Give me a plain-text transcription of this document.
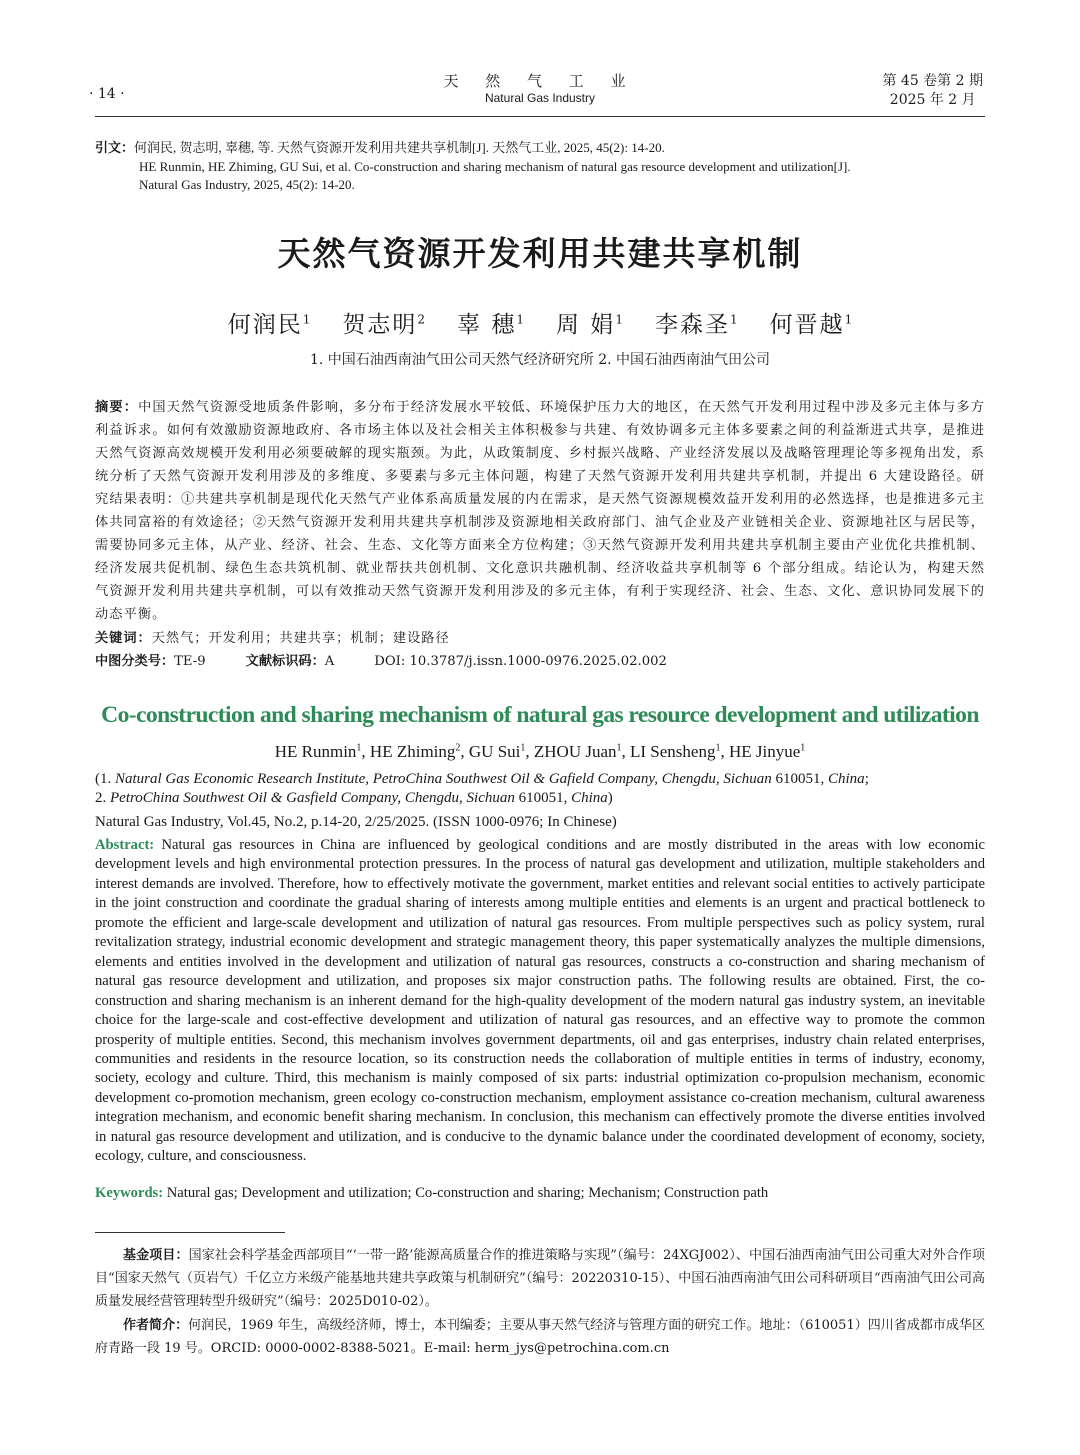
· 14 ·
天 然 气 工 业
Natural Gas Industry
第 45 卷第 2 期
2025 年 2 月
引文：何润民, 贺志明, 辜穗, 等. 天然气资源开发利用共建共享机制[J]. 天然气工业, 2025, 45(2): 14-20.
HE Runmin, HE Zhiming, GU Sui, et al. Co-construction and sharing mechanism of natural gas resource development and utilization[J].
Natural Gas Industry, 2025, 45(2): 14-20.
天然气资源开发利用共建共享机制
何润民$^1$ 贺志明$^2$ 辜 穗$^1$ 周 娟$^1$ 李森圣$^1$ 何晋越$^1$
1. 中国石油西南油气田公司天然气经济研究所 2. 中国石油西南油气田公司
摘要：中国天然气资源受地质条件影响，多分布于经济发展水平较低、环境保护压力大的地区，在天然气开发利用过程中涉及多元主体与多方利益诉求。如何有效激励资源地政府、各市场主体以及社会相关主体积极参与共建、有效协调多元主体多要素之间的利益渐进式共享，是推进天然气资源高效规模开发利用必须要破解的现实瓶颈。为此，从政策制度、乡村振兴战略、产业经济发展以及战略管理理论等多视角出发，系统分析了天然气资源开发利用涉及的多维度、多要素与多元主体问题，构建了天然气资源开发利用共建共享机制，并提出 6 大建设路径。研究结果表明：①共建共享机制是现代化天然气产业体系高质量发展的内在需求，是天然气资源规模效益开发利用的必然选择，也是推进多元主体共同富裕的有效途径；②天然气资源开发利用共建共享机制涉及资源地相关政府部门、油气企业及产业链相关企业、资源地社区与居民等，需要协同多元主体，从产业、经济、社会、生态、文化等方面来全方位构建；③天然气资源开发利用共建共享机制主要由产业优化共推机制、经济发展共促机制、绿色生态共筑机制、就业帮扶共创机制、文化意识共融机制、经济收益共享机制等 6 个部分组成。结论认为，构建天然气资源开发利用共建共享机制，可以有效推动天然气资源开发利用涉及的多元主体，有利于实现经济、社会、生态、文化、意识协同发展下的动态平衡。
关键词：天然气；开发利用；共建共享；机制；建设路径
中图分类号：TE-9	文献标识码：A	DOI: 10.3787/j.issn.1000-0976.2025.02.002
Co-construction and sharing mechanism of natural gas resource development and utilization
HE Runmin$^1$, HE Zhiming$^2$, GU Sui$^1$, ZHOU Juan$^1$, LI Sensheng$^1$, HE Jinyue$^1$
(1. Natural Gas Economic Research Institute, PetroChina Southwest Oil & Gafield Company, Chengdu, Sichuan 610051, China;
2. PetroChina Southwest Oil & Gasfield Company, Chengdu, Sichuan 610051, China)
Natural Gas Industry, Vol.45, No.2, p.14-20, 2/25/2025. (ISSN 1000-0976; In Chinese)
Abstract: Natural gas resources in China are influenced by geological conditions and are mostly distributed in the areas with low economic development levels and high environmental protection pressures. In the process of natural gas development and utilization, multiple stakeholders and interest demands are involved. Therefore, how to effectively motivate the government, market entities and relevant social entities to actively participate in the joint construction and coordinate the gradual sharing of interests among multiple entities and elements is an urgent and practical bottleneck to promote the efficient and large-scale development and utilization of natural gas resources. From multiple perspectives such as policy system, rural revitalization strategy, industrial economic development and strategic management theory, this paper systematically analyzes the multiple dimensions, elements and entities involved in the development and utilization of natural gas resources, constructs a co-construction and sharing mechanism of natural gas resource development and utilization, and proposes six major construction paths. The following results are obtained. First, the co-construction and sharing mechanism is an inherent demand for the high-quality development of the modern natural gas industry system, an inevitable choice for the large-scale and cost-effective development and utilization of natural gas resources, and an effective way to promote the common prosperity of multiple entities. Second, this mechanism involves government departments, oil and gas enterprises, industry chain related enterprises, communities and residents in the resource location, so its construction needs the collaboration of multiple entities in terms of industry, economy, society, ecology and culture. Third, this mechanism is mainly composed of six parts: industrial optimization co-propulsion mechanism, economic development co-promotion mechanism, green ecology co-construction mechanism, employment assistance co-creation mechanism, cultural awareness integration mechanism, and economic benefit sharing mechanism. In conclusion, this mechanism can effectively promote the diverse entities involved in natural gas resource development and utilization, and is conducive to the dynamic balance under the coordinated development of economy, society, ecology, culture, and consciousness.
Keywords: Natural gas; Development and utilization; Co-construction and sharing; Mechanism; Construction path
基金项目：国家社会科学基金西部项目“‘一带一路’能源高质量合作的推进策略与实现”（编号：24XGJ002）、中国石油西南油气田公司重大对外合作项目“国家天然气（页岩气）千亿立方米级产能基地共建共享政策与机制研究”（编号：20220310-15）、中国石油西南油气田公司科研项目“西南油气田公司高质量发展经营管理转型升级研究”（编号：2025D010-02）。
作者简介：何润民，1969 年生，高级经济师，博士，本刊编委；主要从事天然气经济与管理方面的研究工作。地址：（610051）四川省成都市成华区府青路一段 19 号。ORCID: 0000-0002-8388-5021。E-mail: herm_jys@petrochina.com.cn
